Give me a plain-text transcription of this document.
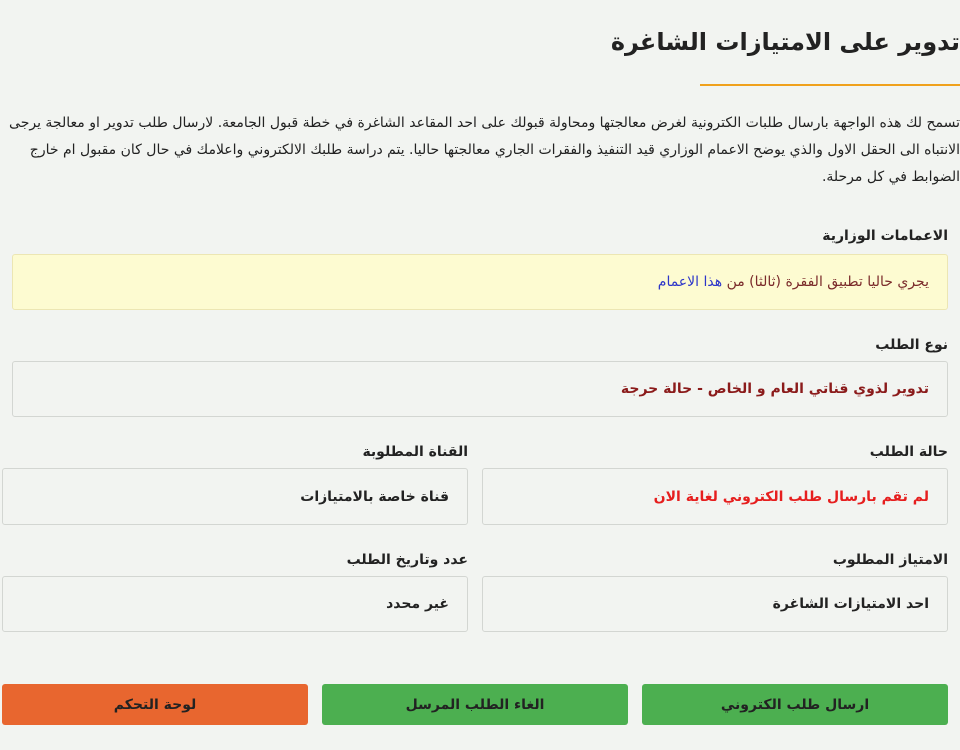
تدوير على الامتيازات الشاغرة

تسمح لك هذه الواجهة بارسال طلبات الكترونية لغرض معالجتها ومحاولة قبولك على احد المقاعد الشاغرة في خطة قبول الجامعة. لارسال طلب تدوير او معالجة يرجى الانتباه الى الحقل الاول والذي يوضح الاعمام الوزاري قيد التنفيذ والفقرات الجاري معالجتها حاليا. يتم دراسة طلبك الالكتروني واعلامك في حال كان مقبول ام خارج الضوابط في كل مرحلة.

الاعمامات الوزارية
يجري حاليا تطبيق الفقرة (ثالثا) من

هذا الاعمام
نوع الطلب
تدوير لذوي قناتي العام و الخاص - حالة حرجة
حالة الطلب
لم تقم بارسال طلب الكتروني لغاية الان
القناة المطلوبة
قناة خاصة بالامتيازات
الامتياز المطلوب
احد الامتيازات الشاغرة
عدد وتاريخ الطلب
غير محدد
ارسال طلب الكتروني
الغاء الطلب المرسل
لوحة التحكم
